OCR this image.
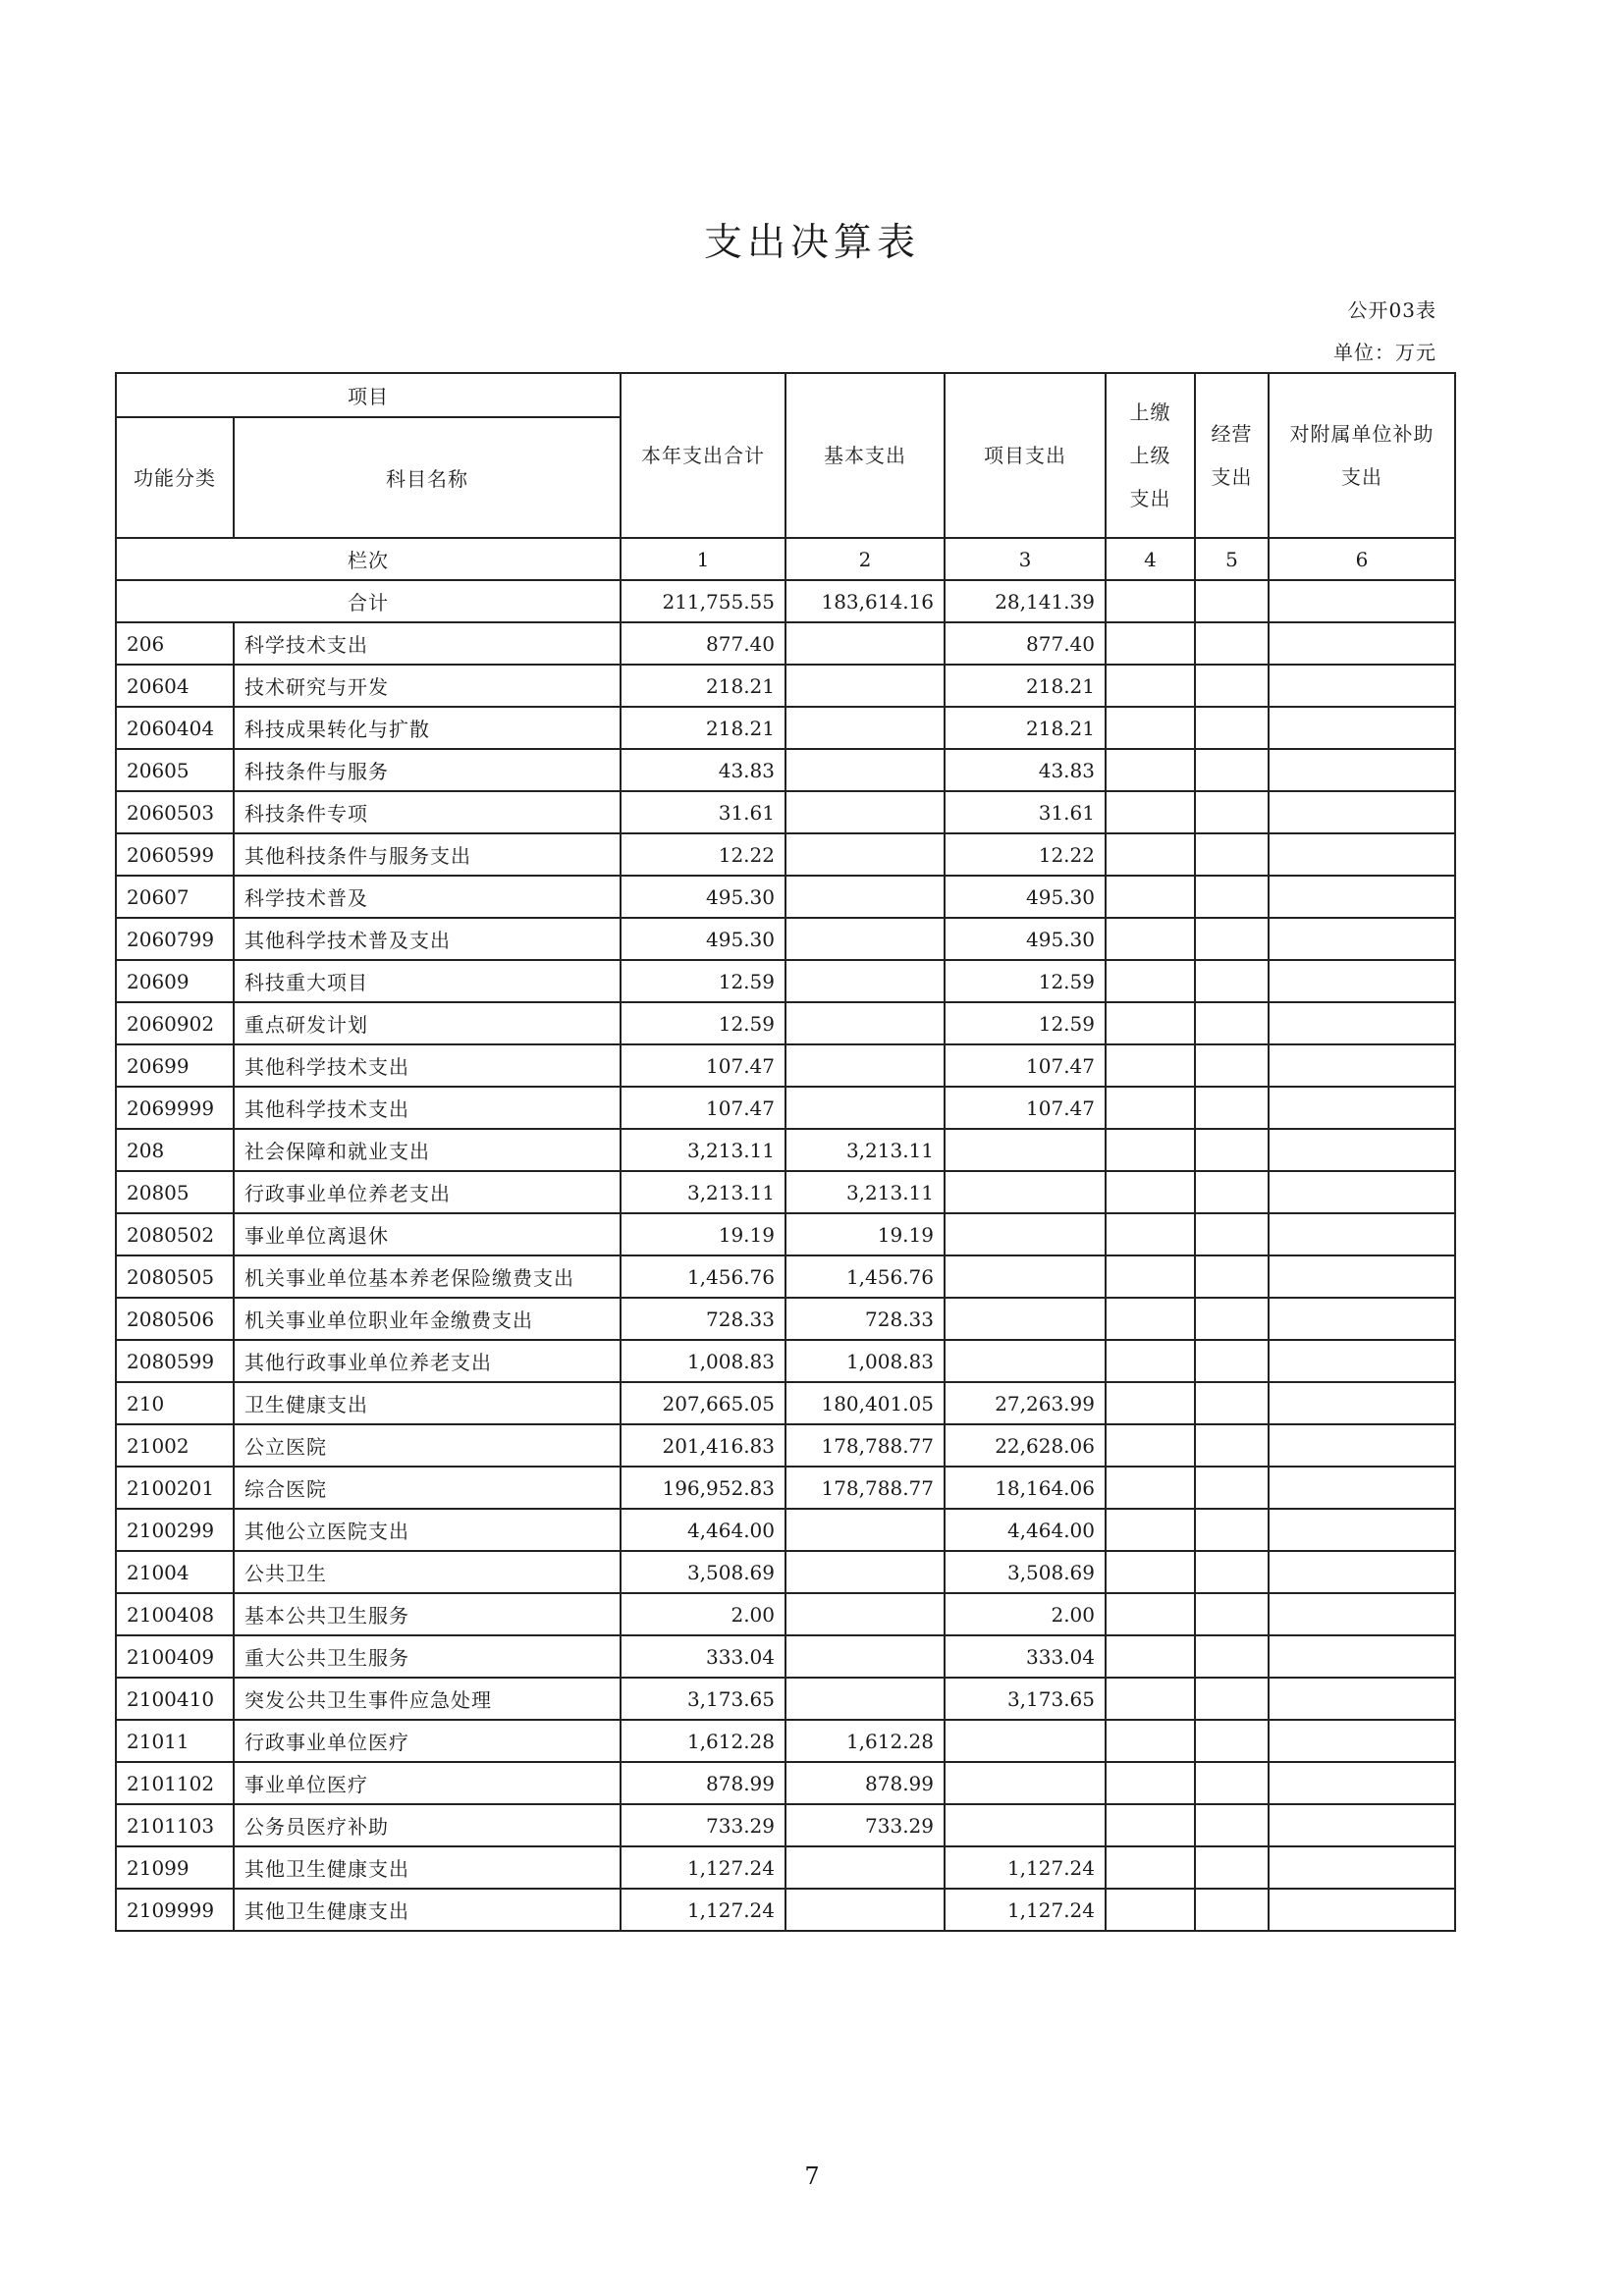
支出决算表
公开03表
单位：万元
项目		本年支出合计	基本支出	项目支出	上缴上级支出	经营支出	对附属单位补助支出
功能分类	科目名称						
栏次		1	2	3	4	5	6
合计		211,755.55	183,614.16	28,141.39			
206	科学技术支出	877.40		877.40			
20604	技术研究与开发	218.21		218.21			
2060404	科技成果转化与扩散	218.21		218.21			
20605	科技条件与服务	43.83		43.83			
2060503	科技条件专项	31.61		31.61			
2060599	其他科技条件与服务支出	12.22		12.22			
20607	科学技术普及	495.30		495.30			
2060799	其他科学技术普及支出	495.30		495.30			
20609	科技重大项目	12.59		12.59			
2060902	重点研发计划	12.59		12.59			
20699	其他科学技术支出	107.47		107.47			
2069999	其他科学技术支出	107.47		107.47			
208	社会保障和就业支出	3,213.11	3,213.11				
20805	行政事业单位养老支出	3,213.11	3,213.11				
2080502	事业单位离退休	19.19	19.19				
2080505	机关事业单位基本养老保险缴费支出	1,456.76	1,456.76				
2080506	机关事业单位职业年金缴费支出	728.33	728.33				
2080599	其他行政事业单位养老支出	1,008.83	1,008.83				
210	卫生健康支出	207,665.05	180,401.05	27,263.99			
21002	公立医院	201,416.83	178,788.77	22,628.06			
2100201	综合医院	196,952.83	178,788.77	18,164.06			
2100299	其他公立医院支出	4,464.00		4,464.00			
21004	公共卫生	3,508.69		3,508.69			
2100408	基本公共卫生服务	2.00		2.00			
2100409	重大公共卫生服务	333.04		333.04			
2100410	突发公共卫生事件应急处理	3,173.65		3,173.65			
21011	行政事业单位医疗	1,612.28	1,612.28				
2101102	事业单位医疗	878.99	878.99				
2101103	公务员医疗补助	733.29	733.29				
21099	其他卫生健康支出	1,127.24		1,127.24			
2109999	其他卫生健康支出	1,127.24		1,127.24			
7
